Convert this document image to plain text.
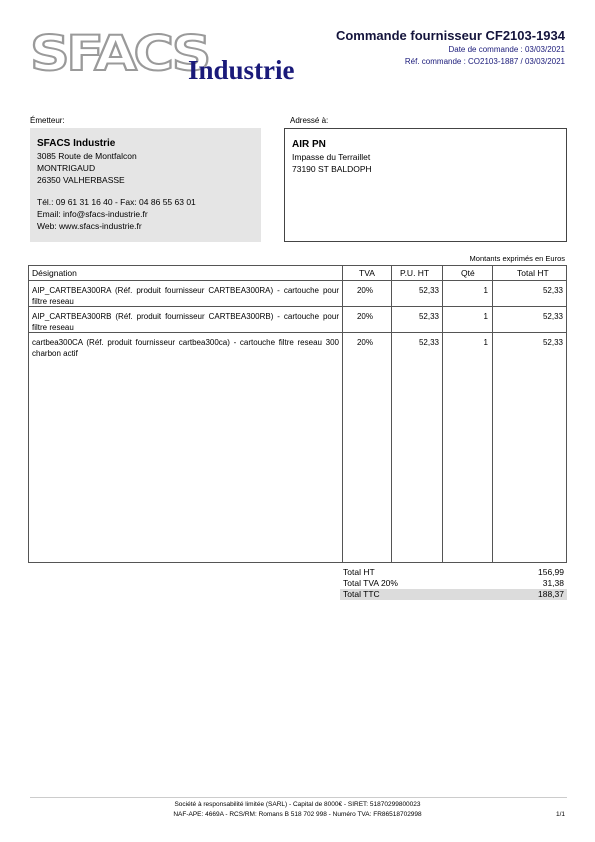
SFACS
Industrie
Commande fournisseur CF2103-1934
Date de commande : 03/03/2021
Réf. commande : CO2103-1887 / 03/03/2021
Émetteur:
SFACS Industrie
3085 Route de Montfalcon
MONTRIGAUD
26350 VALHERBASSE
Tél.: 09 61 31 16 40 - Fax: 04 86 55 63 01
Email: info@sfacs-industrie.fr
Web: www.sfacs-industrie.fr
Adressé à:
AIR PN
Impasse du Terraillet
73190 ST BALDOPH
Montants exprimés en Euros
Désignation	TVA	P.U. HT	Qté	Total HT
AIP_CARTBEA300RA (Réf. produit fournisseur CARTBEA300RA) - cartouche pour filtre reseau
20%	52,33	1	52,33
AIP_CARTBEA300RB (Réf. produit fournisseur CARTBEA300RB) - cartouche pour filtre reseau
20%	52,33	1	52,33
cartbea300CA (Réf. produit fournisseur cartbea300ca) - cartouche filtre reseau 300 charbon actif
20%	52,33	1	52,33
Total HT	156,99
Total TVA 20%	31,38
Total TTC	188,37
Société à responsabilité limitée (SARL) - Capital de 8000€ - SIRET: 51870299800023
NAF-APE: 4669A - RCS/RM: Romans B 518 702 998 - Numéro TVA: FR86518702998	1/1
